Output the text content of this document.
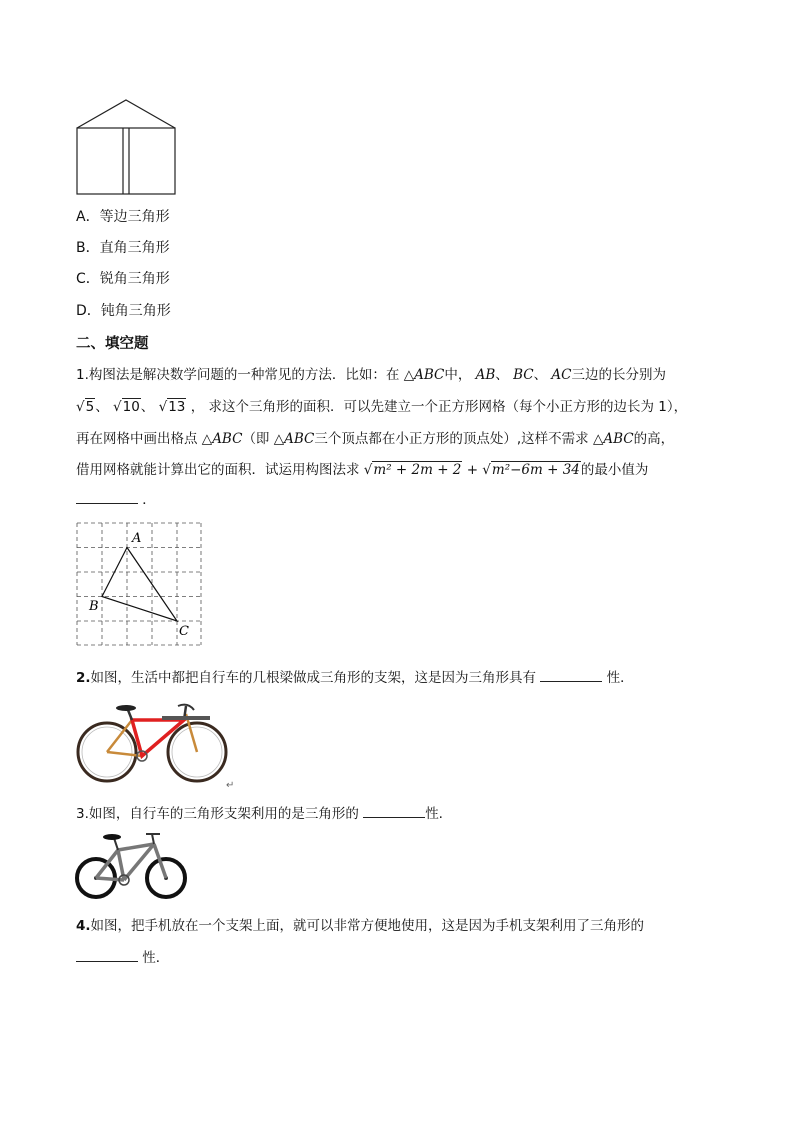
A．等边三角形
B．直角三角形
C．锐角三角形
D．钝角三角形
二、填空题
1.构图法是解决数学问题的一种常见的方法．比如：在 △ABC中， AB、 BC、 AC三边的长分别为
√5、 √10、 √13 ， 求这个三角形的面积．可以先建立一个正方形网格（每个小正方形的边长为 1），
再在网格中画出格点 △ABC（即 △ABC三个顶点都在小正方形的顶点处）,这样不需求 △ABC的高，
借用网格就能计算出它的面积．试运用构图法求 √m² + 2m + 2 + √m²−6m + 34的最小值为
．
A
B
C
2.如图，生活中都把自行车的几根梁做成三角形的支架，这是因为三角形具有	性．
↵
3.如图，自行车的三角形支架利用的是三角形的	性.
4.如图，把手机放在一个支架上面，就可以非常方便地使用，这是因为手机支架利用了三角形的
性．
